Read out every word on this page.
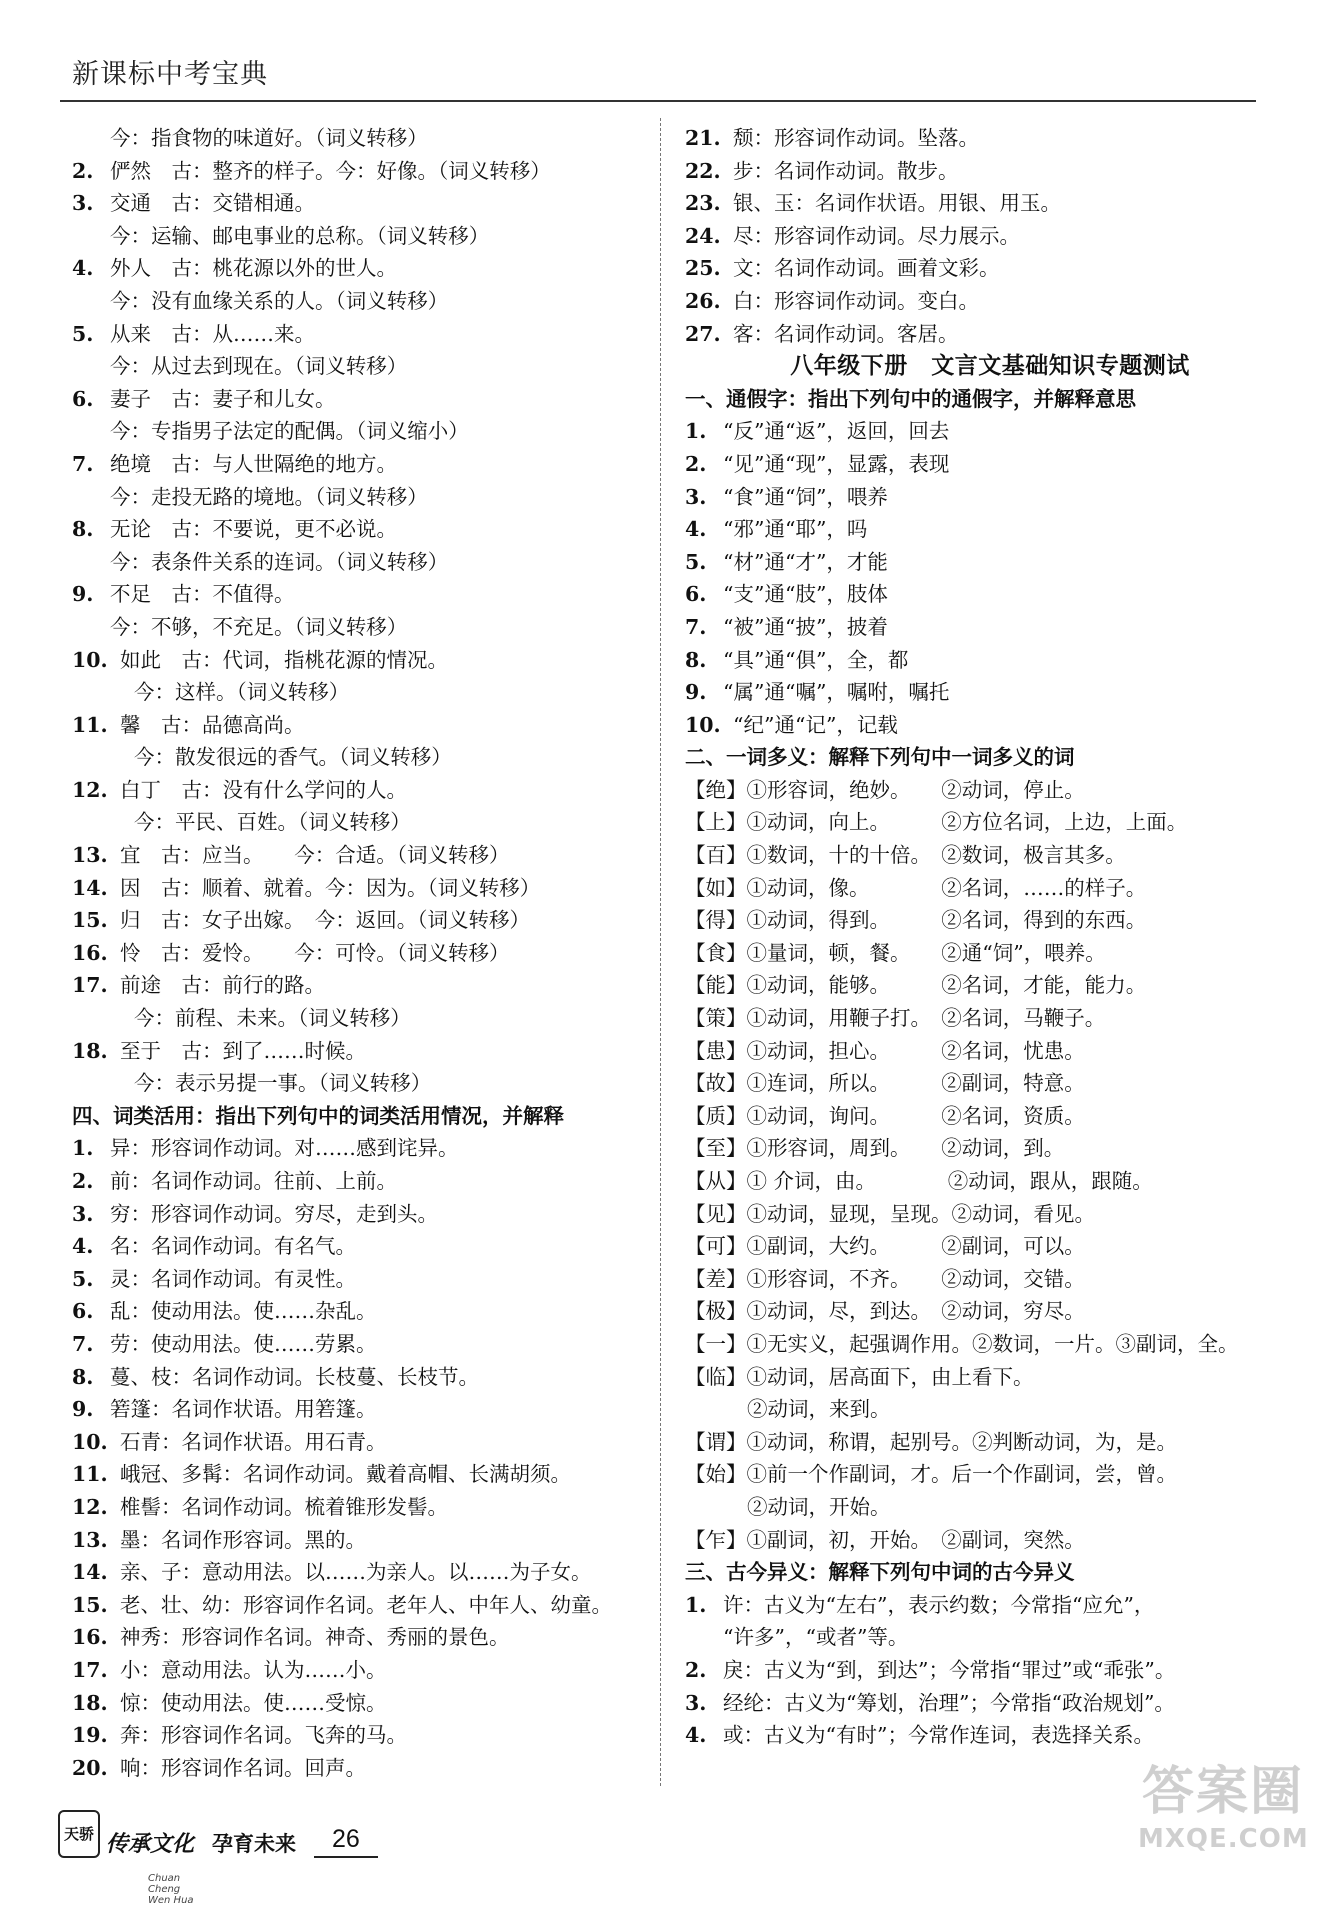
新课标中考宝典
今：指食物的味道好。（词义转移）
2. 俨然　古：整齐的样子。今：好像。（词义转移）
3. 交通　古：交错相通。
今：运输、邮电事业的总称。（词义转移）
4. 外人　古：桃花源以外的世人。
今：没有血缘关系的人。（词义转移）
5. 从来　古：从……来。
今：从过去到现在。（词义转移）
6. 妻子　古：妻子和儿女。
今：专指男子法定的配偶。（词义缩小）
7. 绝境　古：与人世隔绝的地方。
今：走投无路的境地。（词义转移）
8. 无论　古：不要说，更不必说。
今：表条件关系的连词。（词义转移）
9. 不足　古：不值得。
今：不够，不充足。（词义转移）
10. 如此　古：代词，指桃花源的情况。
今：这样。（词义转移）
11. 馨　古：品德高尚。
今：散发很远的香气。（词义转移）
12. 白丁　古：没有什么学问的人。
今：平民、百姓。（词义转移）
13. 宜　古：应当。　　今：合适。（词义转移）
14. 因　古：顺着、就着。今：因为。（词义转移）
15. 归　古：女子出嫁。　今：返回。（词义转移）
16. 怜　古：爱怜。　　今：可怜。（词义转移）
17. 前途　古：前行的路。
今：前程、未来。（词义转移）
18. 至于　古：到了……时候。
今：表示另提一事。（词义转移）
四、词类活用：指出下列句中的词类活用情况，并解释
1. 异：形容词作动词。对……感到诧异。
2. 前：名词作动词。往前、上前。
3. 穷：形容词作动词。穷尽，走到头。
4. 名：名词作动词。有名气。
5. 灵：名词作动词。有灵性。
6. 乱：使动用法。使……杂乱。
7. 劳：使动用法。使……劳累。
8. 蔓、枝：名词作动词。长枝蔓、长枝节。
9. 箬篷：名词作状语。用箬篷。
10. 石青：名词作状语。用石青。
11. 峨冠、多髯：名词作动词。戴着高帽、长满胡须。
12. 椎髻：名词作动词。梳着锥形发髻。
13. 墨：名词作形容词。黑的。
14. 亲、子：意动用法。以……为亲人。以……为子女。
15. 老、壮、幼：形容词作名词。老年人、中年人、幼童。
16. 神秀：形容词作名词。神奇、秀丽的景色。
17. 小：意动用法。认为……小。
18. 惊：使动用法。使……受惊。
19. 奔：形容词作名词。飞奔的马。
20. 响：形容词作名词。回声。
21. 颓：形容词作动词。坠落。
22. 步：名词作动词。散步。
23. 银、玉：名词作状语。用银、用玉。
24. 尽：形容词作动词。尽力展示。
25. 文：名词作动词。画着文彩。
26. 白：形容词作动词。变白。
27. 客：名词作动词。客居。
八年级下册　文言文基础知识专题测试
一、通假字：指出下列句中的通假字，并解释意思
1. “反”通“返”，返回，回去
2. “见”通“现”，显露，表现
3. “食”通“饲”，喂养
4. “邪”通“耶”，吗
5. “材”通“才”，才能
6. “支”通“肢”，肢体
7. “被”通“披”，披着
8. “具”通“俱”，全，都
9. “属”通“嘱”，嘱咐，嘱托
10. “纪”通“记”，记载
二、一词多义：解释下列句中一词多义的词
【绝】①形容词，绝妙。　　②动词，停止。
【上】①动词，向上。　　　②方位名词，上边，上面。
【百】①数词，十的十倍。　②数词，极言其多。
【如】①动词，像。　　　　②名词，……的样子。
【得】①动词，得到。　　　②名词，得到的东西。
【食】①量词，顿，餐。　　②通“饲”，喂养。
【能】①动词，能够。　　　②名词，才能，能力。
【策】①动词，用鞭子打。　②名词，马鞭子。
【患】①动词，担心。　　　②名词，忧患。
【故】①连词，所以。　　　②副词，特意。
【质】①动词，询问。　　　②名词，资质。
【至】①形容词，周到。　　②动词，到。
【从】① 介词，由。　　　　②动词，跟从，跟随。
【见】①动词，显现，呈现。②动词，看见。
【可】①副词，大约。　　　②副词，可以。
【差】①形容词，不齐。　　②动词，交错。
【极】①动词，尽，到达。　②动词，穷尽。
【一】①无实义，起强调作用。②数词，一片。③副词，全。
【临】①动词，居高面下，由上看下。
②动词，来到。
【谓】①动词，称谓，起别号。②判断动词，为，是。
【始】①前一个作副词，才。后一个作副词，尝，曾。
②动词，开始。
【乍】①副词，初，开始。　②副词，突然。
三、古今异义：解释下列句中词的古今异义
1. 许：古义为“左右”，表示约数；今常指“应允”，
“许多”，“或者”等。
2. 戾：古义为“到，到达”；今常指“罪过”或“乖张”。
3. 经纶：古义为“筹划，治理”；今常指“政治规划”。
4. 或：古义为“有时”；今常作连词，表选择关系。
天骄 传承文化
Chuan Cheng Wen Hua
孕育未来	26
答案圈
MXQE.COM
